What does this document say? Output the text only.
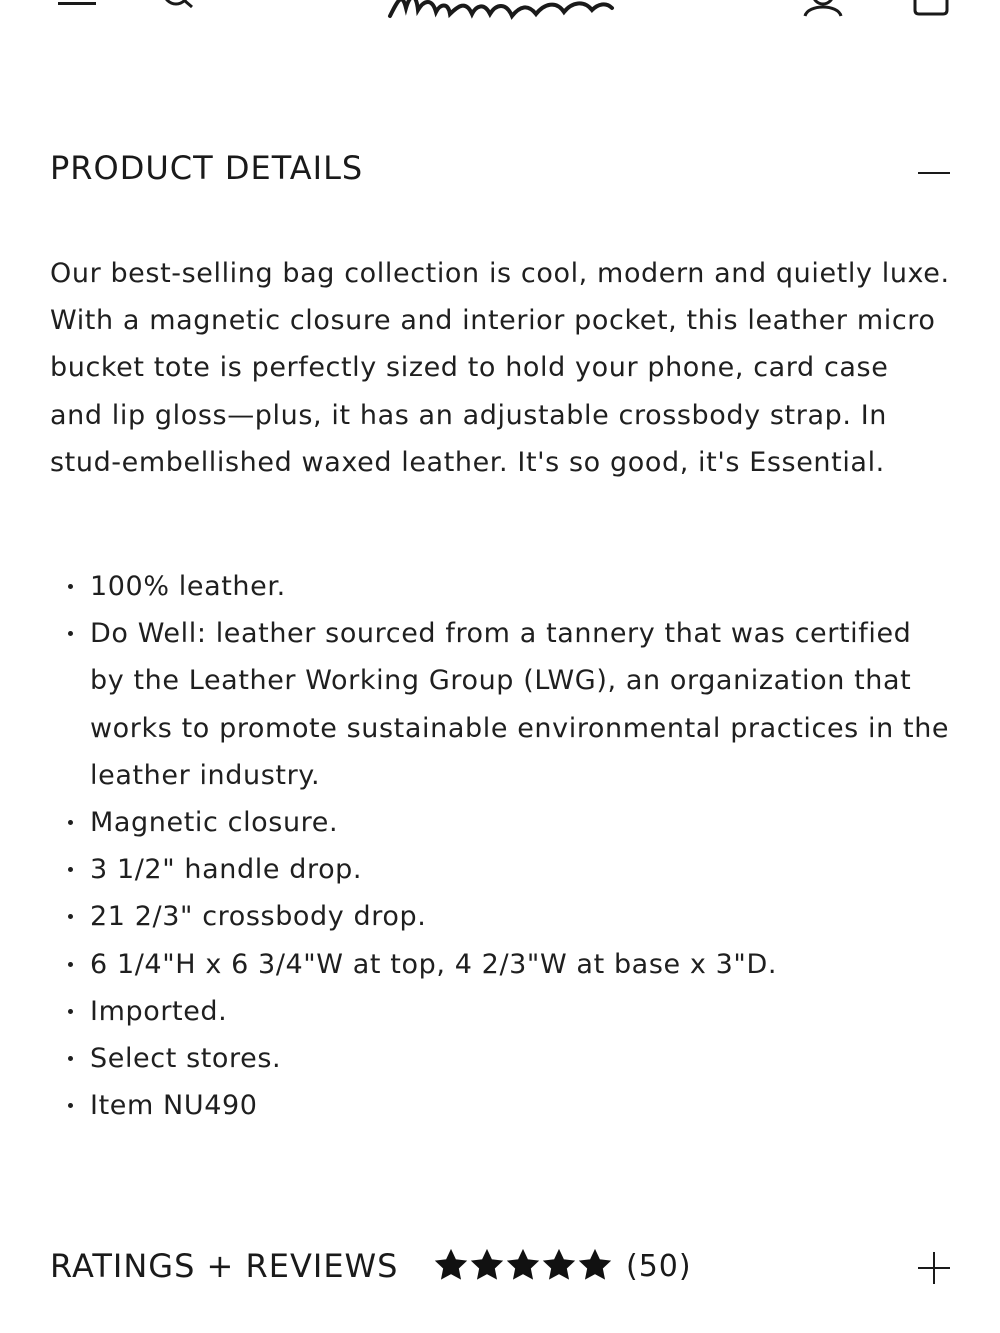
PRODUCT DETAILS

Our best-selling bag collection is cool, modern and quietly luxe. With a magnetic closure and interior pocket, this leather micro bucket tote is perfectly sized to hold your phone, card case and lip gloss—plus, it has an adjustable crossbody strap. In stud-embellished waxed leather. It's so good, it's Essential.

100% leather.
Do Well: leather sourced from a tannery that was certified by the Leather Working Group (LWG), an organization that works to promote sustainable environmental practices in the leather industry.
Magnetic closure.
3 1/2" handle drop.
21 2/3" crossbody drop.
6 1/4"H x 6 3/4"W at top, 4 2/3"W at base x 3"D.
Imported.
Select stores.
Item NU490
RATINGS + REVIEWS	(50)
